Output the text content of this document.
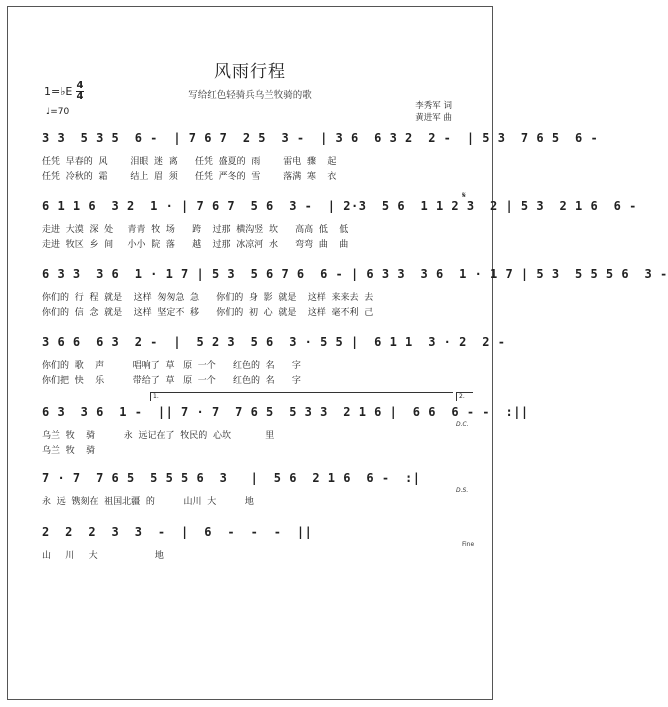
风雨行程
写给红色轻骑兵乌兰牧骑的歌
1=♭E 4
4
♩=70
李秀军 词
黄进军 曲
3 3  5 3 5  6 -  | 7 6 7  2 5  3 -  | 3 6  6 3 2  2 -  | 5 3  7 6 5  6 -
任凭  早春的  风        泪眼  迷  离      任凭  盛夏的  雨        雷电  骤    起
任凭  冷秋的  霜        结上  眉  须      任凭  严冬的  雪        落满  寒    衣
6 1 1 6  3 2  1 · | 7 6 7  5 6  3 -  | 2·3  5 6  1 1 2 3  2 | 5 3  2 1 6  6 -
走进  大漠  深  处     青青  牧  场      跨    过那  横沟竖  坎      高高  低    低
走进  牧区  乡  间     小小  院  落      越    过那  冰凉河  水      弯弯  曲    曲
𝄋
6 3 3  3 6  1 · 1 7 | 5 3  5 6 7 6  6 - | 6 3 3  3 6  1 · 1 7 | 5 3  5 5 5 6  3 -
你们的  行  程  就是    这样  匆匆急  急      你们的  身  影  就是    这样  来来去  去
你们的  信  念  就是    这样  坚定不  移      你们的  初  心  就是    这样  毫不利  己
3 6 6  6 3  2 -  |  5 2 3  5 6  3 · 5 5 |  6 1 1  3 · 2  2 -
你们的  歌    声          唱响了  草   原  一个      红色的  名      字
你们把  快    乐          带给了  草   原  一个      红色的  名      字
1.	2.
6 3  3 6  1 -  || 7 · 7  7 6 5  5 3 3  2 1 6 |  6 6  6 - -  :||
乌兰  牧    骑          永  远记在了  牧民的  心坎            里
乌兰  牧    骑
D.C.
7 · 7  7 6 5  5 5 5 6  3   |  5 6  2 1 6  6 -  :|
永  远  镌刻在  祖国北疆  的          山川  大          地
D.S.
2  2  2  3  3  -  |  6  -  -  -  ||
山     川     大                    地
Fine
